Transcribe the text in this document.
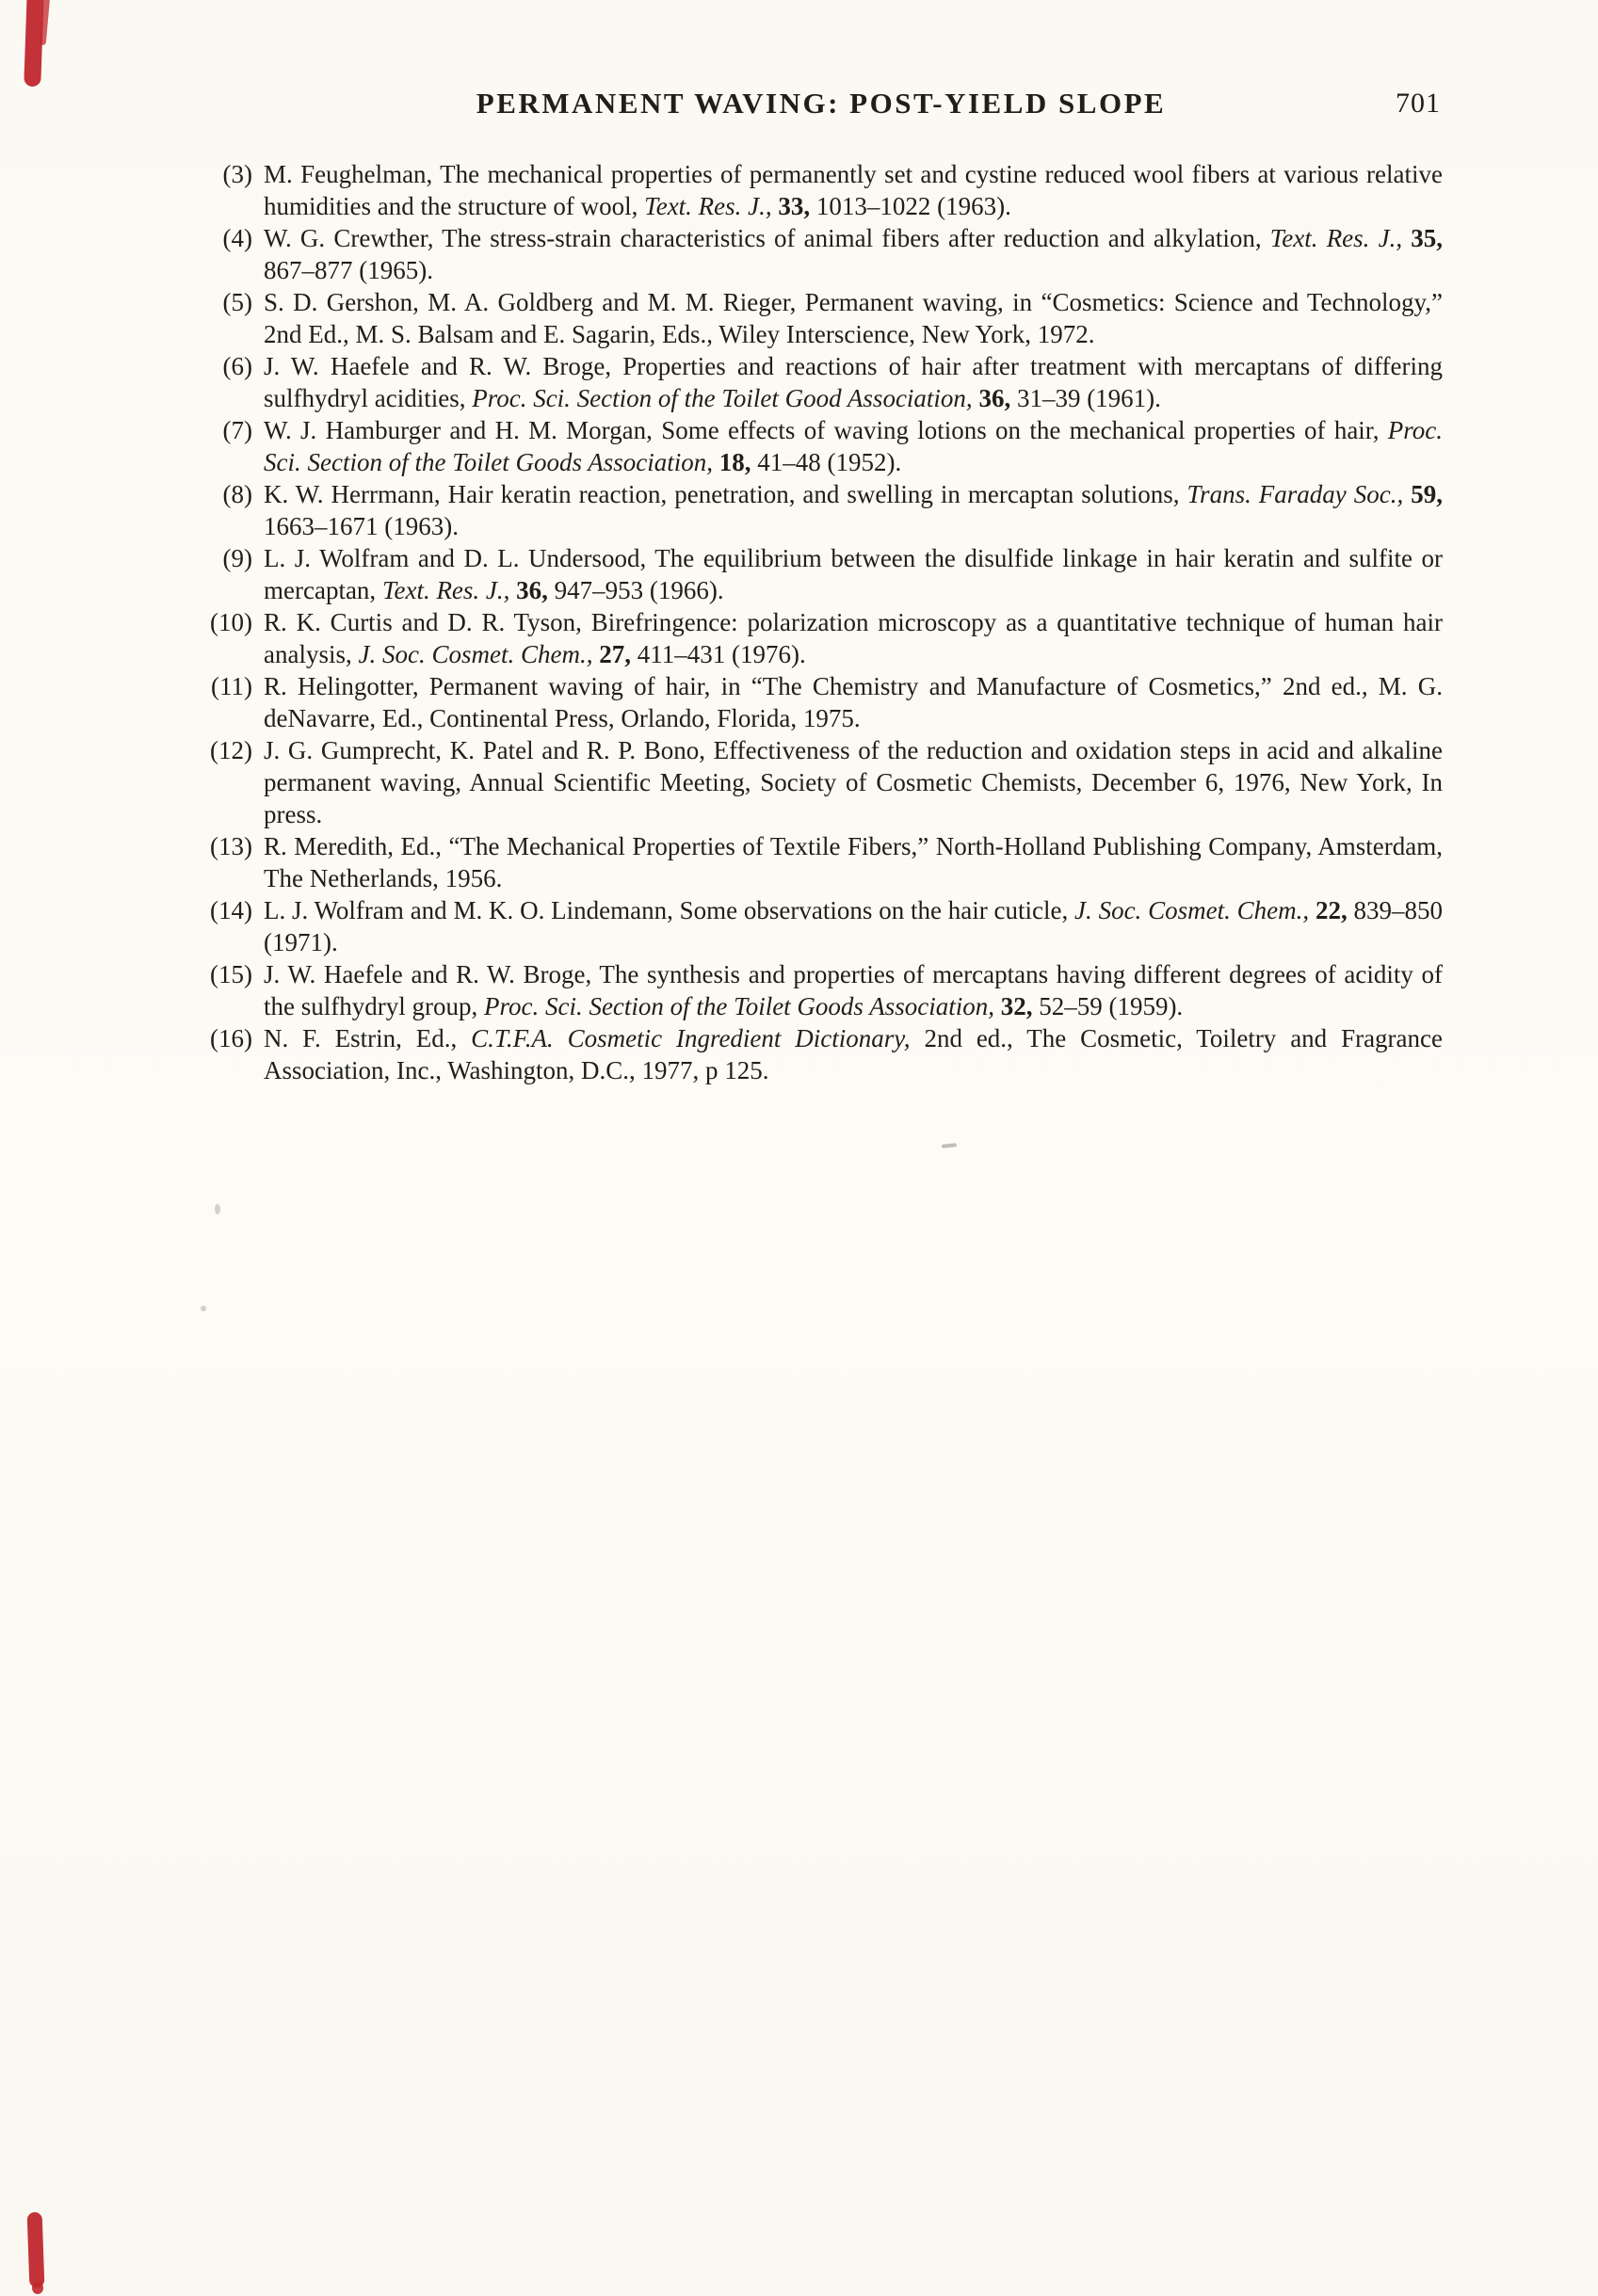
PERMANENT WAVING: POST-YIELD SLOPE	701

(3) M. Feughelman, The mechanical properties of permanently set and cystine reduced wool fibers at various relative humidities and the structure of wool, Text. Res. J., 33, 1013–1022 (1963).

(4) W. G. Crewther, The stress-strain characteristics of animal fibers after reduction and alkylation, Text. Res. J., 35, 867–877 (1965).

(5) S. D. Gershon, M. A. Goldberg and M. M. Rieger, Permanent waving, in “Cosmetics: Science and Technology,” 2nd Ed., M. S. Balsam and E. Sagarin, Eds., Wiley Interscience, New York, 1972.

(6) J. W. Haefele and R. W. Broge, Properties and reactions of hair after treatment with mercaptans of differing sulfhydryl acidities, Proc. Sci. Section of the Toilet Good Association, 36, 31–39 (1961).

(7) W. J. Hamburger and H. M. Morgan, Some effects of waving lotions on the mechanical properties of hair, Proc. Sci. Section of the Toilet Goods Association, 18, 41–48 (1952).

(8) K. W. Herrmann, Hair keratin reaction, penetration, and swelling in mercaptan solutions, Trans. Faraday Soc., 59, 1663–1671 (1963).

(9) L. J. Wolfram and D. L. Undersood, The equilibrium between the disulfide linkage in hair keratin and sulfite or mercaptan, Text. Res. J., 36, 947–953 (1966).

(10) R. K. Curtis and D. R. Tyson, Birefringence: polarization microscopy as a quantitative technique of human hair analysis, J. Soc. Cosmet. Chem., 27, 411–431 (1976).

(11) R. Helingotter, Permanent waving of hair, in “The Chemistry and Manufacture of Cosmetics,” 2nd ed., M. G. deNavarre, Ed., Continental Press, Orlando, Florida, 1975.

(12) J. G. Gumprecht, K. Patel and R. P. Bono, Effectiveness of the reduction and oxidation steps in acid and alkaline permanent waving, Annual Scientific Meeting, Society of Cosmetic Chemists, December 6, 1976, New York, In press.

(13) R. Meredith, Ed., “The Mechanical Properties of Textile Fibers,” North-Holland Publishing Company, Amsterdam, The Netherlands, 1956.

(14) L. J. Wolfram and M. K. O. Lindemann, Some observations on the hair cuticle, J. Soc. Cosmet. Chem., 22, 839–850 (1971).

(15) J. W. Haefele and R. W. Broge, The synthesis and properties of mercaptans having different degrees of acidity of the sulfhydryl group, Proc. Sci. Section of the Toilet Goods Association, 32, 52–59 (1959).

(16) N. F. Estrin, Ed., C.T.F.A. Cosmetic Ingredient Dictionary, 2nd ed., The Cosmetic, Toiletry and Fragrance Association, Inc., Washington, D.C., 1977, p 125.
